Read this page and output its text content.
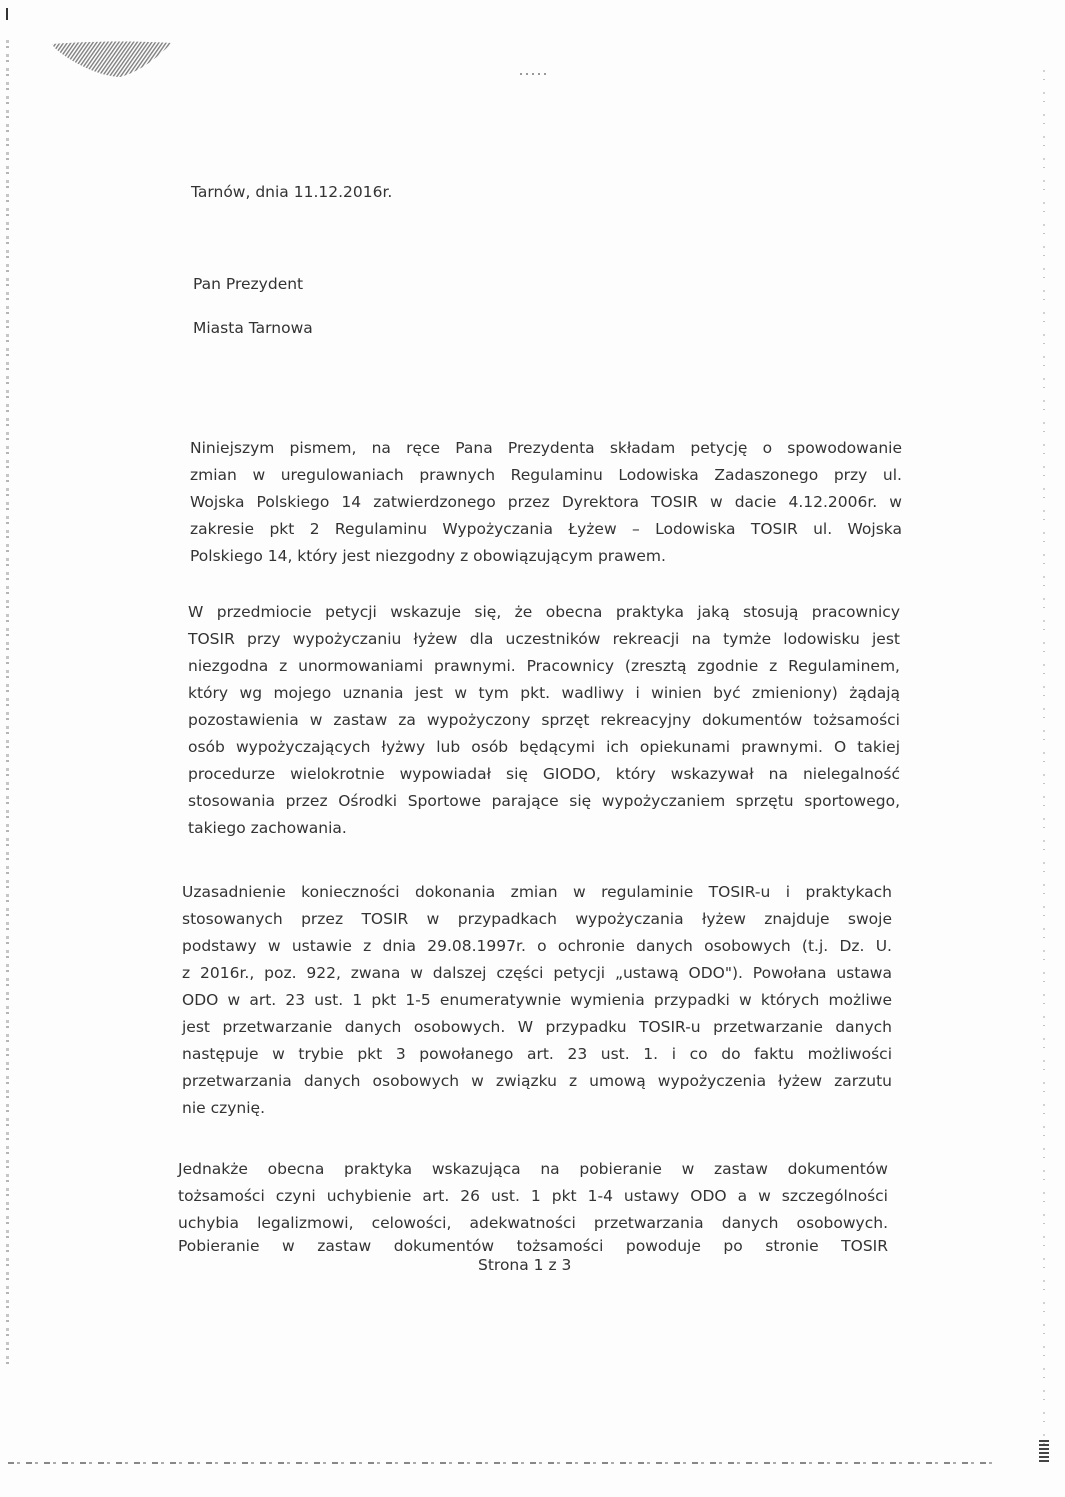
Tarnów, dnia 11.12.2016r.
Pan Prezydent
Miasta Tarnowa
Niniejszym pismem, na ręce Pana Prezydenta składam petycję o spowodowanie
zmian w uregulowaniach prawnych Regulaminu Lodowiska Zadaszonego przy ul.
Wojska Polskiego 14 zatwierdzonego przez Dyrektora TOSIR w dacie 4.12.2006r. w
zakresie pkt 2 Regulaminu Wypożyczania Łyżew – Lodowiska TOSIR ul. Wojska
Polskiego 14, który jest niezgodny z obowiązującym prawem.
W przedmiocie petycji wskazuje się, że obecna praktyka jaką stosują pracownicy
TOSIR przy wypożyczaniu łyżew dla uczestników rekreacji na tymże lodowisku jest
niezgodna z unormowaniami prawnymi. Pracownicy (zresztą zgodnie z Regulaminem,
który wg mojego uznania jest w tym pkt. wadliwy i winien być zmieniony) żądają
pozostawienia w zastaw za wypożyczony sprzęt rekreacyjny dokumentów tożsamości
osób wypożyczających łyżwy lub osób będącymi ich opiekunami prawnymi. O takiej
procedurze wielokrotnie wypowiadał się GIODO, który wskazywał na nielegalność
stosowania przez Ośrodki Sportowe parające się wypożyczaniem sprzętu sportowego,
takiego zachowania.
Uzasadnienie konieczności dokonania zmian w regulaminie TOSIR-u i praktykach
stosowanych przez TOSIR w przypadkach wypożyczania łyżew znajduje swoje
podstawy w ustawie z dnia 29.08.1997r. o ochronie danych osobowych (t.j. Dz. U.
z 2016r., poz. 922, zwana w dalszej części petycji „ustawą ODO"). Powołana ustawa
ODO w art. 23 ust. 1 pkt 1-5 enumeratywnie wymienia przypadki w których możliwe
jest przetwarzanie danych osobowych. W przypadku TOSIR-u przetwarzanie danych
następuje w trybie pkt 3 powołanego art. 23 ust. 1. i co do faktu możliwości
przetwarzania danych osobowych w związku z umową wypożyczenia łyżew zarzutu
nie czynię.
Jednakże obecna praktyka wskazująca na pobieranie w zastaw dokumentów
tożsamości czyni uchybienie art. 26 ust. 1 pkt 1-4 ustawy ODO a w szczególności
uchybia legalizmowi, celowości, adekwatności przetwarzania danych osobowych.
Pobieranie w zastaw dokumentów tożsamości powoduje po stronie TOSIR
Strona 1 z 3
